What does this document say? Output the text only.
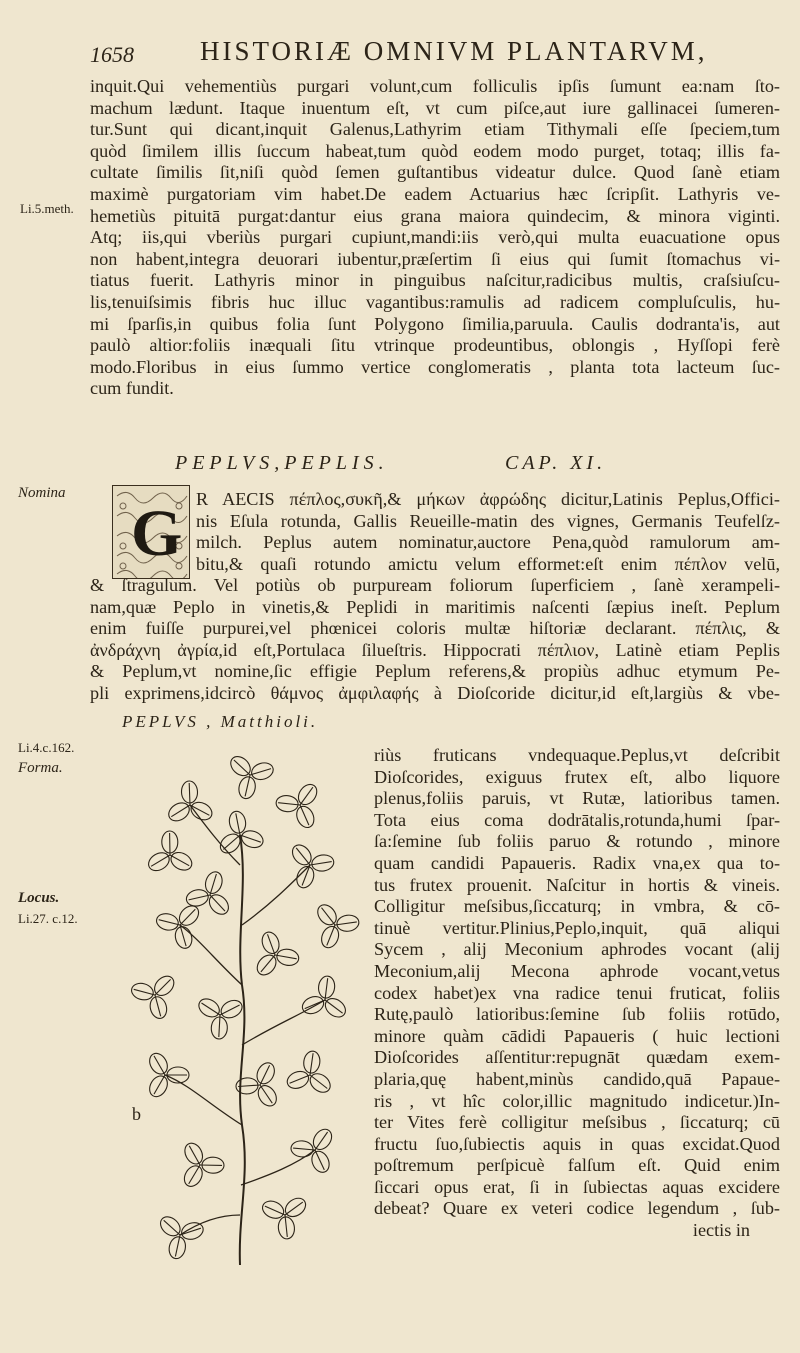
1658 HISTORIÆ OMNIVM PLANTARVM,
inquit.Qui vehementiùs purgari volunt,cum folliculis ipſis ſumunt ea:nam ſto-
machum lædunt. Itaque inuentum eſt, vt cum piſce,aut iure gallinacei ſumeren-
tur.Sunt qui dicant,inquit Galenus,Lathyrim etiam Tithymali eſſe ſpeciem,tum
quòd ſimilem illis ſuccum habeat,tum quòd eodem modo purget, totaq; illis fa-
cultate ſimilis ſit,niſi quòd ſemen guſtantibus videatur dulce. Quod ſanè etiam
maximè purgatoriam vim habet.De eadem Actuarius hæc ſcripſit. Lathyris ve-
hemetiùs pituitā purgat:dantur eius grana maiora quindecim, & minora viginti.
Atq; iis,qui vberiùs purgari cupiunt,mandi:iis verò,qui multa euacuatione opus
non habent,integra deuorari iubentur,præſertim ſi eius qui ſumit ſtomachus vi-
tiatus fuerit. Lathyris minor in pinguibus naſcitur,radicibus multis, craſsiuſcu-
lis,tenuiſsimis fibris huc illuc vagantibus:ramulis ad radicem compluſculis, hu-
mi ſparſis,in quibus folia ſunt Polygono ſimilia,paruula. Caulis dodranta'is, aut
paulò altior:foliis inæquali ſitu vtrinque prodeuntibus, oblongis , Hyſſopi ferè
modo.Floribus in eius ſummo vertice conglomeratis , planta tota lacteum ſuc-
cum fundit.
Li.5.meth.
PEPLVS,PEPLIS.	CAP. XI.
Nomina
G R AECIS πέπλος,συκῆ,& μήκων ἀφρώδης dicitur,Latinis Peplus,Offici-
nis Eſula rotunda, Gallis Reueille-matin des vignes, Germanis Teufelſz-
milch. Peplus autem nominatur,auctore Pena,quòd ramulorum am-
bitu,& quaſi rotundo amictu velum efformet:eſt enim πέπλον velū,
& ſtragulum. Vel potiùs ob purpuream foliorum ſuperficiem , ſanè xerampeli-
nam,quæ Peplo in vinetis,& Peplidi in maritimis naſcenti ſæpius ineſt. Peplum
enim fuiſſe purpurei,vel phœnicei coloris multæ hiſtoriæ declarant. πέπλις, &
ἀνδράχνη ἀγρία,id eſt,Portulaca ſilueſtris. Hippocrati πέπλιον, Latinè etiam Peplis
& Peplum,vt nomine,ſic effigie Peplum referens,& propiùs adhuc etymum Pe-
pli exprimens,idcircò θάμνος ἀμφιλαφής à Dioſcoride dicitur,id eſt,largiùs & vbe-
PEPLVS , Matthioli.
Li.4.c.162.
Forma.
Locus.
Li.27. c.12.
b
riùs fruticans vndequaque.Peplus,vt deſcribit
Dioſcorides, exiguus frutex eſt, albo liquore
plenus,foliis paruis, vt Rutæ, latioribus tamen.
Tota eius coma dodrātalis,rotunda,humi ſpar-
ſa:ſemine ſub foliis paruo & rotundo , minore
quam candidi Papaueris. Radix vna,ex qua to-
tus frutex prouenit. Naſcitur in hortis & vineis.
Colligitur meſsibus,ſiccaturq; in vmbra, & cō-
tinuè vertitur.Plinius,Peplo,inquit, quā aliqui
Sycem , alij Meconium aphrodes vocant (alij
Meconium,alij Mecona aphrode vocant,vetus
codex habet)ex vna radice tenui fruticat, foliis
Rutę,paulò latioribus:ſemine ſub foliis rotūdo,
minore quàm cādidi Papaueris ( huic lectioni
Dioſcorides aſſentitur:repugnāt quædam exem-
plaria,quę habent,minùs candido,quā Papaue-
ris , vt hîc color,illic magnitudo indicetur.)In-
ter Vites ferè colligitur meſsibus , ſiccaturq; cū
fructu ſuo,ſubiectis aquis in quas excidat.Quod
poſtremum perſpicuè falſum eſt. Quid enim
ſiccari opus erat, ſi in ſubiectas aquas excidere
debeat? Quare ex veteri codice legendum , ſub-
iectis in
